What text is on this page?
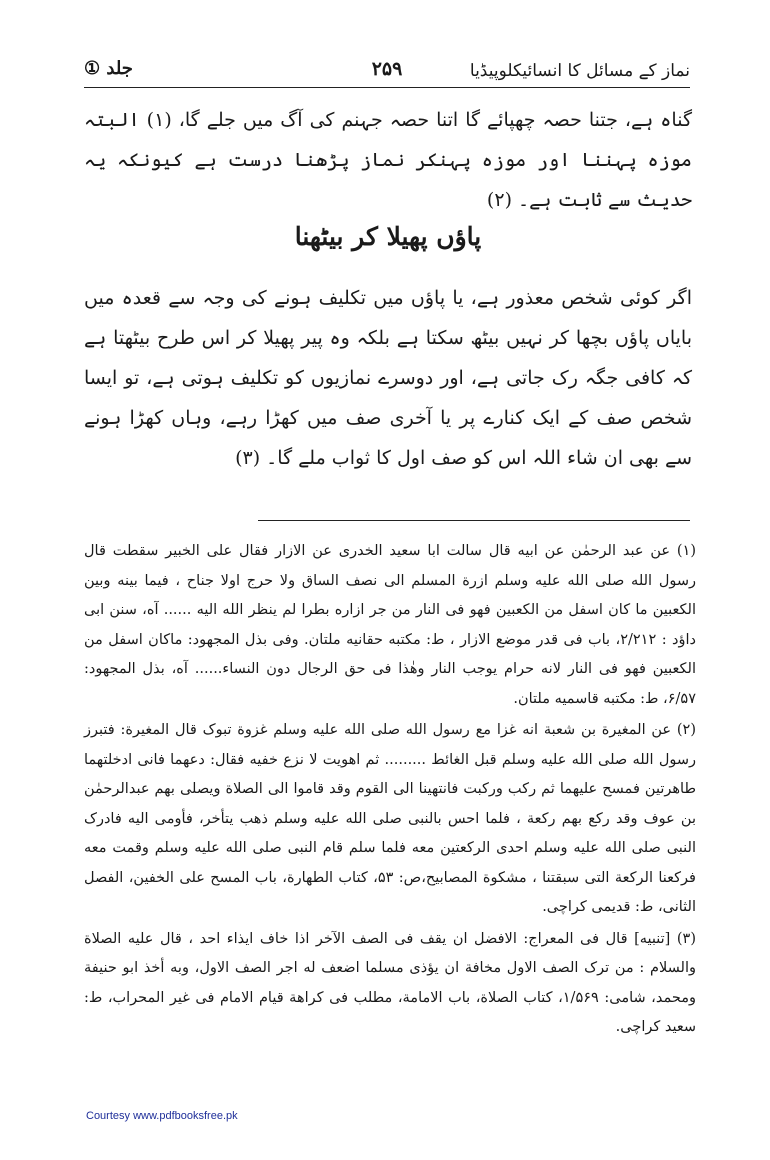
نماز کے مسائل کا انسائیکلوپیڈیا
۲۵۹
جلد ①

گناہ ہے، جتنا حصہ چھپائے گا اتنا حصہ جہنم کی آگ میں جلے گا، (۱) البتہ موزہ پہننا اور موزہ پہنکر نماز پڑھنا درست ہے کیونکہ یہ حدیث سے ثابت ہے۔ (۲)

پاؤں پھیلا کر بیٹھنا

اگر کوئی شخص معذور ہے، یا پاؤں میں تکلیف ہونے کی وجہ سے قعدہ میں بایاں پاؤں بچھا کر نہیں بیٹھ سکتا ہے بلکہ وہ پیر پھیلا کر اس طرح بیٹھتا ہے کہ کافی جگہ رک جاتی ہے، اور دوسرے نمازیوں کو تکلیف ہوتی ہے، تو ایسا شخص صف کے ایک کنارے پر یا آخری صف میں کھڑا رہے، وہاں کھڑا ہونے سے بھی ان شاء اللہ اس کو صف اول کا ثواب ملے گا۔ (۳)

(۱) عن عبد الرحمٰن عن ابیه قال سالت ابا سعید الخدری عن الازار فقال علی الخبیر سقطت قال رسول الله صلی الله علیه وسلم ازرة المسلم الی نصف الساق ولا حرج اولا جناح ، فیما بینه وبین الکعبین ما کان اسفل من الکعبین فهو فی النار من جر ازاره بطرا لم ینظر الله الیه ...... آه، سنن ابی داؤد : ۲/۲۱۲، باب فی قدر موضع الازار ، ط: مکتبه حقانیه ملتان. وفی بذل المجهود: ماکان اسفل من الکعبین فهو فی النار لانه حرام یوجب النار وهٰذا فی حق الرجال دون النساء...... آه، بذل المجهود: ۶/۵۷، ط: مکتبه قاسمیه ملتان.

(۲) عن المغیرة بن شعبة انه غزا مع رسول الله صلی الله علیه وسلم غزوة تبوک قال المغیرة: فتبرز رسول الله صلی الله علیه وسلم قبل الغائط ......... ثم اهویت لا نزع خفیه فقال: دعهما فانی ادخلتهما طاهرتین فمسح علیهما ثم رکب ورکبت فانتهینا الی القوم وقد قاموا الی الصلاة ویصلی بهم عبدالرحمٰن بن عوف وقد رکع بهم رکعة ، فلما احس بالنبی صلی الله علیه وسلم ذهب یتأخر، فأومی الیه فادرک النبی صلی الله علیه وسلم احدی الرکعتین معه فلما سلم قام النبی صلی الله علیه وسلم وقمت معه فرکعنا الرکعة التی سبقتنا ، مشکوة المصابیح،ص: ۵۳، کتاب الطهارة، باب المسح علی الخفین، الفصل الثانی، ط: قدیمی کراچی.

(۳) [تنبیه] قال فی المعراج: الافضل ان یقف فی الصف الآخر اذا خاف ایذاء احد ، قال علیه الصلاة والسلام : من ترک الصف الاول مخافة ان یؤذی مسلما اضعف له اجر الصف الاول، وبه أخذ ابو حنیفة ومحمد، شامی: ۱/۵۶۹، کتاب الصلاة، باب الامامة، مطلب فی کراهة قیام الامام فی غیر المحراب، ط: سعید کراچی.

Courtesy www.pdfbooksfree.pk
